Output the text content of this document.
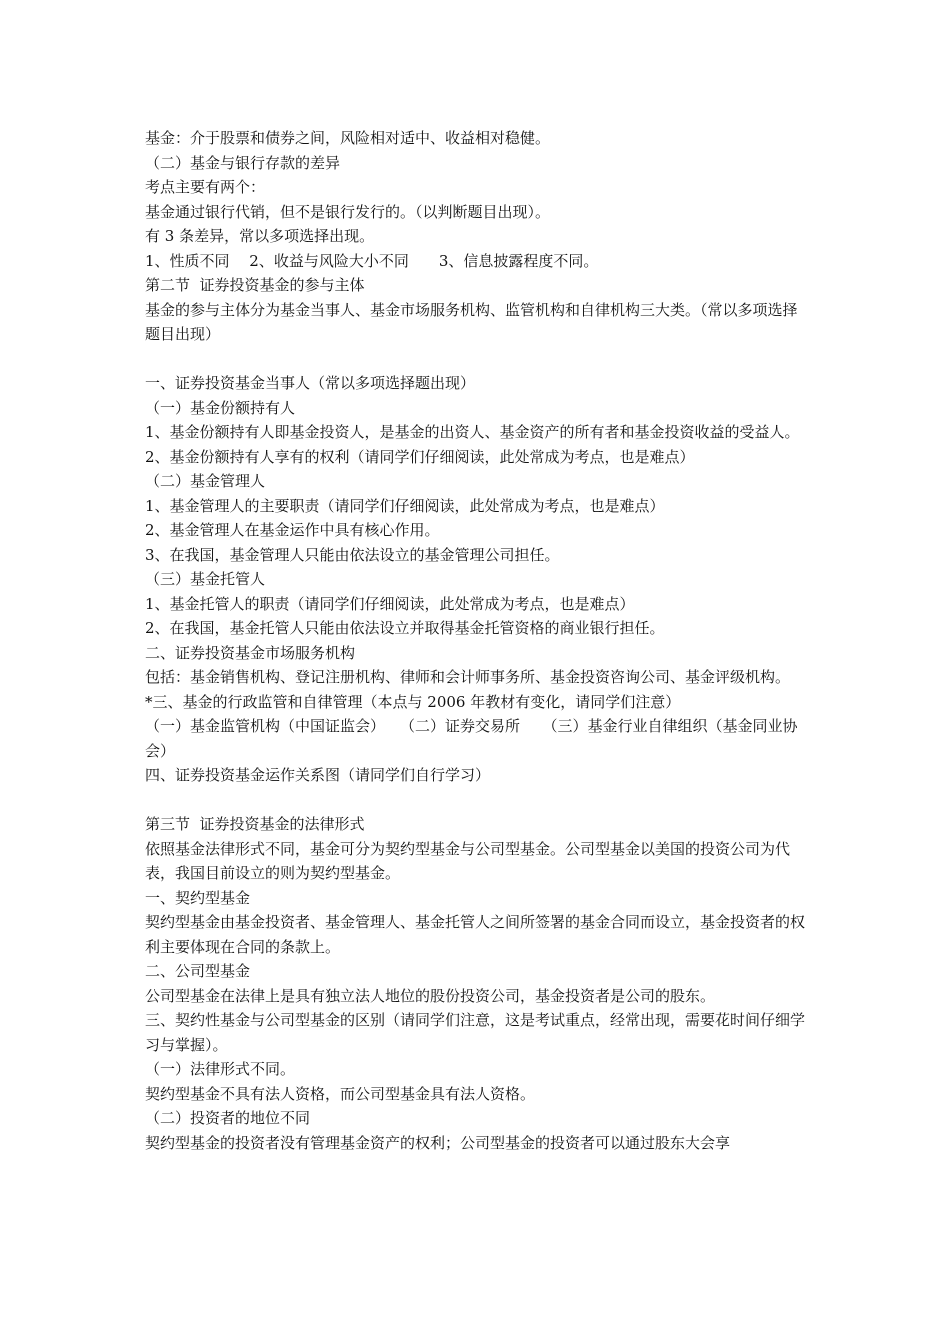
基金：介于股票和债券之间，风险相对适中、收益相对稳健。

（二）基金与银行存款的差异

考点主要有两个：

基金通过银行代销，但不是银行发行的。（以判断题目出现）。

有 3 条差异，常以多项选择出现。

1、性质不同　 2、收益与风险大小不同　　3、信息披露程度不同。

第二节  证券投资基金的参与主体

基金的参与主体分为基金当事人、基金市场服务机构、监管机构和自律机构三大类。（常以多项选择题目出现）

一、证券投资基金当事人（常以多项选择题出现）

（一）基金份额持有人

1、基金份额持有人即基金投资人，是基金的出资人、基金资产的所有者和基金投资收益的受益人。

2、基金份额持有人享有的权利（请同学们仔细阅读，此处常成为考点，也是难点）

（二）基金管理人

1、基金管理人的主要职责（请同学们仔细阅读，此处常成为考点，也是难点）

2、基金管理人在基金运作中具有核心作用。

3、在我国，基金管理人只能由依法设立的基金管理公司担任。

（三）基金托管人

1、基金托管人的职责（请同学们仔细阅读，此处常成为考点，也是难点）

2、在我国，基金托管人只能由依法设立并取得基金托管资格的商业银行担任。

二、证券投资基金市场服务机构

包括：基金销售机构、登记注册机构、律师和会计师事务所、基金投资咨询公司、基金评级机构。

*三、基金的行政监管和自律管理（本点与 2006 年教材有变化，请同学们注意）

（一）基金监管机构（中国证监会）　　（二）证券交易所　　（三）基金行业自律组织（基金同业协会）

四、证券投资基金运作关系图（请同学们自行学习）

第三节  证券投资基金的法律形式

依照基金法律形式不同，基金可分为契约型基金与公司型基金。公司型基金以美国的投资公司为代表，我国目前设立的则为契约型基金。

一、契约型基金

契约型基金由基金投资者、基金管理人、基金托管人之间所签署的基金合同而设立，基金投资者的权利主要体现在合同的条款上。

二、公司型基金

公司型基金在法律上是具有独立法人地位的股份投资公司，基金投资者是公司的股东。

三、契约性基金与公司型基金的区别（请同学们注意，这是考试重点，经常出现，需要花时间仔细学习与掌握）。

（一）法律形式不同。

契约型基金不具有法人资格，而公司型基金具有法人资格。

（二）投资者的地位不同

契约型基金的投资者没有管理基金资产的权利；公司型基金的投资者可以通过股东大会享
